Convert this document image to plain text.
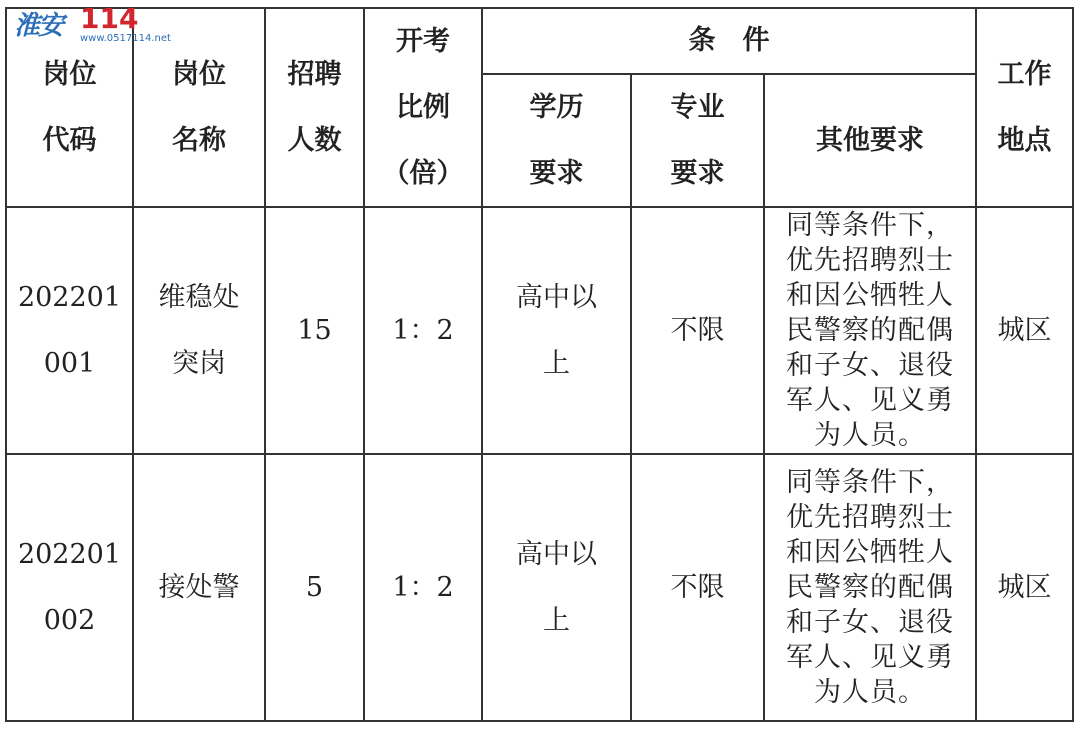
岗位
代码
岗位
名称
招聘
人数
开考
比例
（倍）
条　件
学历
要求
专业
要求
其他要求
工作
地点
202201
001
维稳处
突岗
15 1：2
高中以
上
不限
同等条件下，
优先招聘烈士
和因公牺牲人
民警察的配偶
和子女、退役
军人、见义勇
为人员。
城区
202201
002
接处警 5	1：2
高中以
上
不限
同等条件下，
优先招聘烈士
和因公牺牲人
民警察的配偶
和子女、退役
军人、见义勇
为人员。
城区
淮安 114
www.0517114.net
